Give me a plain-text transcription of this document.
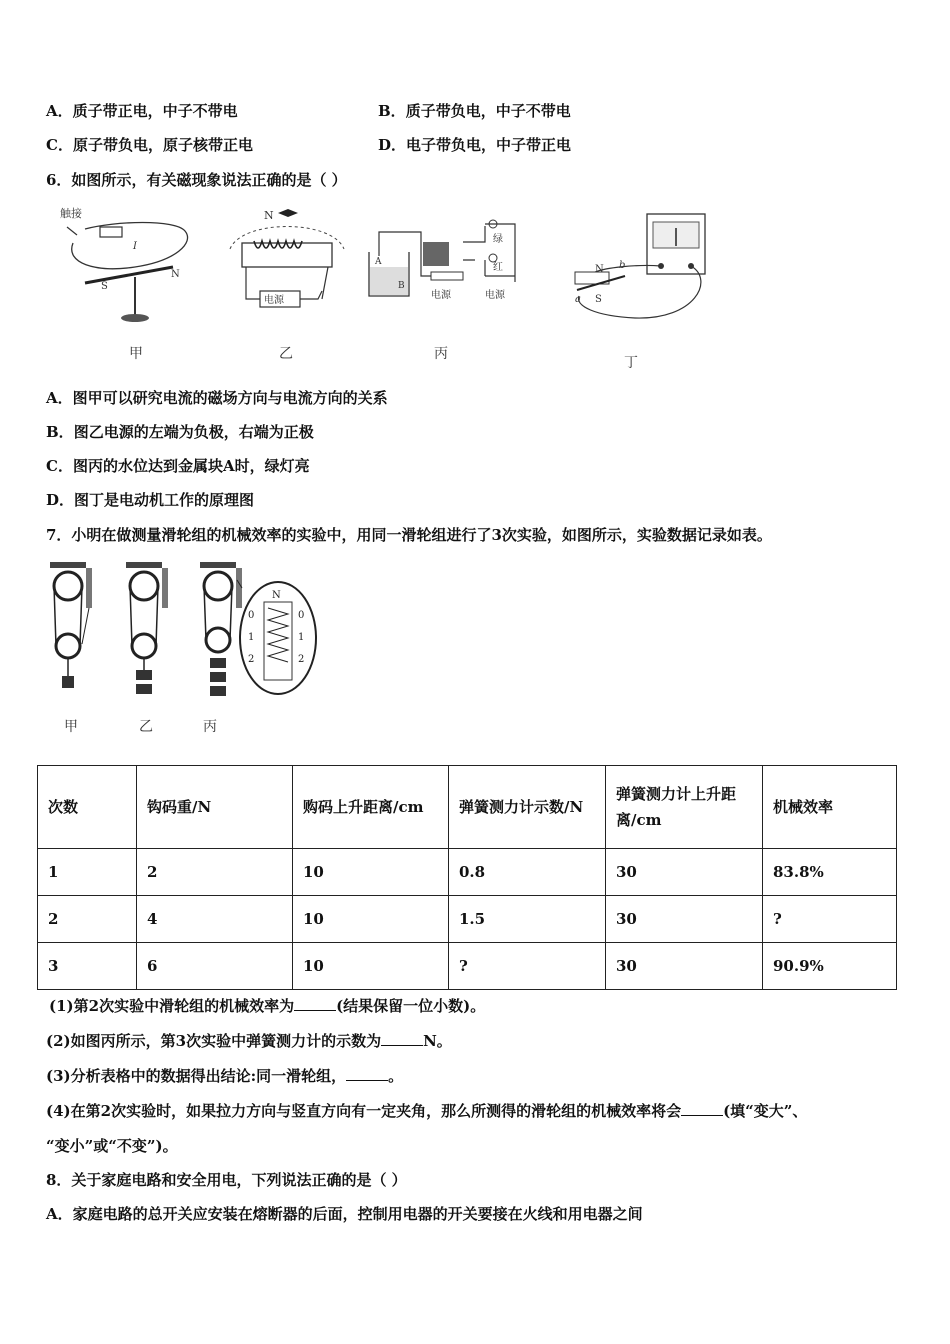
A．质子带正电，中子不带电	B．质子带负电，中子不带电
C．原子带负电，原子核带正电	D．电子带负电，中子带正电
6．如图所示，有关磁现象说法正确的是（ ）
触接
I
S
N
甲
N
电源
乙
A
B
电源
绿
红
电源
丙
a
b
S
N
丁
A．图甲可以研究电流的磁场方向与电流方向的关系
B．图乙电源的左端为负极，右端为正极
C．图丙的水位达到金属块A时，绿灯亮
D．图丁是电动机工作的原理图
7．小明在做测量滑轮组的机械效率的实验中，用同一滑轮组进行了3次实验，如图所示，实验数据记录如表。
N
0
1
2
0
1
2
甲	乙	丙
次数	钩码重/N	购码上升距离/cm	弹簧测力计示数/N	弹簧测力计上升距离/cm	机械效率
1	2	10	0.8	30	83.8%
2	4	10	1.5	30	?
3	6	10	?	30	90.9%
(1)第2次实验中滑轮组的机械效率为	(结果保留一位小数)。
(2)如图丙所示，第3次实验中弹簧测力计的示数为	N。
(3)分析表格中的数据得出结论:同一滑轮组，	。
(4)在第2次实验时，如果拉力方向与竖直方向有一定夹角，那么所测得的滑轮组的机械效率将会	(填“变大”、
“变小”或“不变”)。
8．关于家庭电路和安全用电，下列说法正确的是（ ）
A．家庭电路的总开关应安装在熔断器的后面，控制用电器的开关要接在火线和用电器之间
